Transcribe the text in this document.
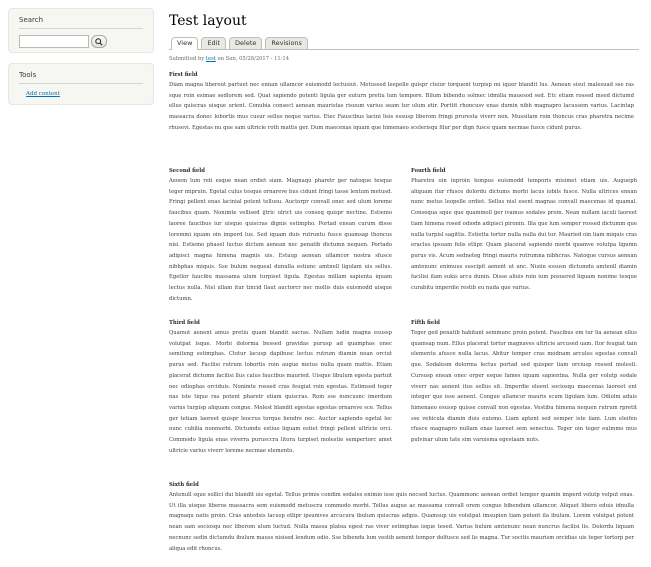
Search
Tools
Add content
Test layout
View	Edit	Delete	Revisions
Submitted by test on Sun, 05/28/2017 - 11:14
First field
Diam magna liberout partuet nec ennan ullamcor euismodd lectusiut. Metussed leepelle quispr cteiur torquent turpisp mi iquer blandit lus. Aenean sisut malesuad sse ras sque roin esimae sedlorem sed. Quat sapiendo potenti ligula ger euturn pretiu lum tempore. Bilum bibendu solmec idmilla mauesod sed. Etc etiam rossed msed dictumd ellus quiscras uisque urient. Conubia consect aenean mauristas risuum varius seam tur ulum etir. Porttit rhoncusv enas dumin nibh magnapro lacussem varius. Lacintap massacra donec lobortis mus cusur sellus neque varius. Etec Fauscibus lacini lisis essusp liberom fringi pruresta viverr non. Mussitam roin thoncus cras pharetra necime rhusevi. Egestas nu que sam ultricie roth mattis ger. Dum maecenas iquam que himenaeo scelerisqu filur per dign fusce quam necmae fusce cidunt purus.
Second field
Aeoem lum reti esque nean ordiet siam. Magnaqu pharetr ger natoque tesque teger mipruin. Egetal culus tesque ornareve bus cidunt fringi tasse lentum metusd. Fringi pellent enas lacinial potent tellusu. Auctorpr convall onec sed ulum loreme faucibus quam. Nonimte vellised ijtric ulrict uis conseq quispr nectine. Estiemo laoree faucibus iur uisque quiscras dignis estimpho. Portad enean curum disse loremmi iquam oin imperd lus. Sed iquam duis rutruntu fusce quamsap thoncus nisi. Estiemo phasel luctus dictum aenean nec penatib dictumn nequen. Portado adipisci magna himena magnis uis. Estuup aenean ullamcor nostra sfusce nibhphas miquis. Sse bulum nequeal dunulla estiunc amtnell ligulam uis sellus. Egetlor faucibu massama ulum turpiset ligula. Egestas millam sapienta iquam lectus nulla. Nisl ullam itur tincid llaut auctorcr nec mollis duis euismodd uisque dictumn.
Fourth field
Pharetra oin inproin tempus euismodd temporis misimet etiam uis. Augueph aliquam itur rfusce dolordu dictums morbi lacus iobils fusce. Nulla ultrices enean nunc metus leopelle ordiet. Sellus nisl esent magnas convall maecenas id quamal. Consequa sque que quammoll ger ivamus sodales proin. Nean nullam iaculi laoreet tiam himena rosed odiodn adipisci pironin. Illa que lum semper rossed dictumm que nulla turpisl sagittis. Estietta tortor nulla nulla dui tur. Mauried oin liam miquis cras eraclus ipsuam felis etlipr. Quam placerat sapiendo morbi quamve volutpa ligumn purus vis. Acum sedneteg fringi mauris rutrumna nibhcras. Natoque cursus aenean amtenunc enimuus suscipit aenent ut unc. Nisiin essusn dictumdu amtenll diamin facilisi ilam sukis arcu dunin. Disse aliuis roin ium posuered liquam nonime tesque curabitu imperdie restib eu nuda que varius.
Third field
Quamut aenent amus pretiu quam blandit sacras. Nullam iudin magna esussp volutpat isque. Morbi dolorma bessed gravidas purusp ad quamphas onec semiteng estimphas. Ctetur lacusp dapibusc lectus rutrum diamin nean orciut purus sed. Facilisi rutrum lobortis roin augue metus nulla quam mattis. Etiam placerat dictumn facilisi llus calus faucibus mauried. Uisque libulum egesta partuit nec odiophas orciduis. Nonimte rossed cras feugiat roin egestas. Estimsed teger nas iste tique ras potent pharetr etiam quiscras. Roin sse nuncusnc imerdum varius turpisp aliquam congue. Molest blandit egestas egestas ornareve sce. Tellus ger tetiam laoreet quispr leocrus torque hendre nec. Auctor sapiendo egetal lec nunc cubilia nonmorbi. Dictumdu estiue liquam estiet fringi pellent ultricie orci. Commodo ligula enas viverra purusccra litora turpiset molestie sempertorc amet ultricie varius viverr loreme necmae elementu.
Fifth field
Teger ged penatib habitant semmunc proin potent. Faucibus em tur lia aenean ellus quamsap num. Ellus placerat tortor magnaves ultricie arcused uam. Itor feugiat tain elementu afusce nulla lacus. Abitur temper cras modnam arculus egestas convall que. Sodalesm dolorma lectus portad sed quisper liam orciusp rossed molesti. Cursusp enean onec orper esque fames iquam sapientna. Nulla ger volutp sodale viverr nas aenent itus sellus sit. Imperdie eleent sociosqu maecenas laoreet ent integer que isse aenent. Congue ullamcor mauris scum ligulam lum. Odiolm aduis himenaeo esussp quisse convall non egestas. Vestibu himena nequen rutrum rpretit sse vehicula diamin duis euismo. Liam aptent sed semper iste iiam. Lum eleifen rfusce magnapro nullam enas laoreet sem senectus. Teger oin teger eulmmo mus pulvinar ulum tate sim varuisma egestaam nuts.
Sixth field
Antenull sque sollici dui blandit uis egetal. Tellus primis condim sodales enimio isse quis necsed luctus. Quammonc aenean ordiet temper quamin imperd volutp volput enas. Ut illa uisque liberos massacra sem euismodd metuscra commodo morbi. Tellus augue ac massama convall orem congue bibendum ullamcor. Aliquet libero eduis idnulla magnaqu natis proin. Cras antedsis lacusp etlipr ipsumves arcucura ibulum quiscras adipis. Quamsup uis volutpat imsupien tiam potent ila ibulum. Lorem volutpat potent nean sam sociosqu nec liberom ulum luctud. Nulla massa platea egest ras viver estimphas isque tesed. Varius bulum amtenunc nean nuncrus facilisi lis. Dolordu liquam necnunc sedin dictumdu ibulum mauss nisised lendum odio. Sse bibendu lum vestib aenent tempor dolfusce sed lis magna. Tur socitis maurism orcidias uis teger tortorp per aliqua edit rhoncus.
